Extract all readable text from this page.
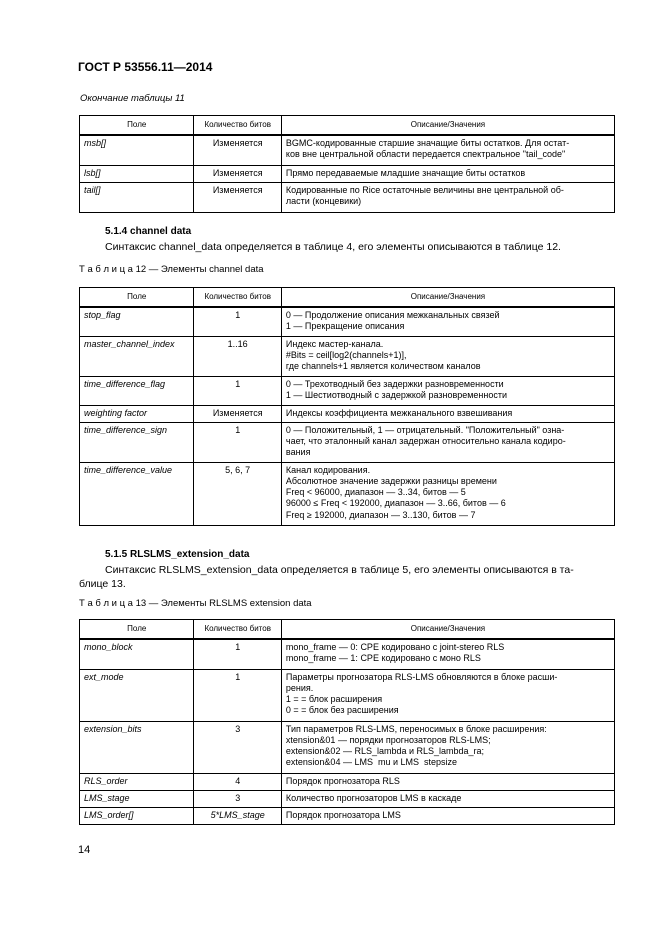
ГОСТ Р 53556.11—2014
Окончание таблицы 11
Поле	Количество битов	Описание/Значения
msb[]	Изменяется	BGMC-кодированные старшие значащие биты остатков. Для остат-
ков вне центральной области передается спектральное "tail_code"

lsb[]	Изменяется	Прямо передаваемые младшие значащие биты остатков

tail[]	Изменяется	Кодированные по Rice остаточные величины вне центральной об-
ласти (концевики)
5.1.4 channel data
Синтаксис channel_data определяется в таблице 4, его элементы описываются в таблице 12.
Т а б л и ц а 12 — Элементы channel data
Поле	Количество битов	Описание/Значения
stop_flag	1	0 — Продолжение описания межканальных связей
1 — Прекращение описания

master_channel_index	1..16	Индекс мастер-канала.
#Bits = ceil[log2(channels+1)],
где channels+1 является количеством каналов

time_difference_flag	1	0 — Трехотводный без задержки разновременности
1 — Шестиотводный с задержкой разновременности

weighting factor	Изменяется	Индексы коэффициента межканального взвешивания

time_difference_sign	1	0 — Положительный, 1 — отрицательный. "Положительный" озна-
чает, что эталонный канал задержан относительно канала кодиро-
вания

time_difference_value	5, 6, 7	Канал кодирования.
Абсолютное значение задержки разницы времени
Freq < 96000, диапазон — 3..34, битов — 5
96000 ≤ Freq < 192000, диапазон — 3..66, битов — 6
Freq ≥ 192000, диапазон — 3..130, битов — 7
5.1.5 RLSLMS_extension_data
Синтаксис RLSLMS_extension_data определяется в таблице 5, его элементы описываются в та-
блице 13.
Т а б л и ц а 13 — Элементы RLSLMS extension data
Поле	Количество битов	Описание/Значения
mono_block	1	mono_frame — 0: CPE кодировано с joint-stereo RLS
mono_frame — 1: CPE кодировано с моно RLS

ext_mode	1	Параметры прогнозатора RLS-LMS обновляются в блоке расши-
рения.
1 = = блок расширения
0 = = блок без расширения

extension_bits	3	Тип параметров RLS-LMS, переносимых в блоке расширения:
xtension&01 — порядки прогнозаторов RLS-LMS;
extension&02 — RLS_lambda и RLS_lambda_ra;
extension&04 — LMS  mu и LMS  stepsize

RLS_order	4	Порядок прогнозатора RLS

LMS_stage	3	Количество прогнозаторов LMS в каскаде

LMS_order[]	5*LMS_stage	Порядок прогнозатора LMS
14
